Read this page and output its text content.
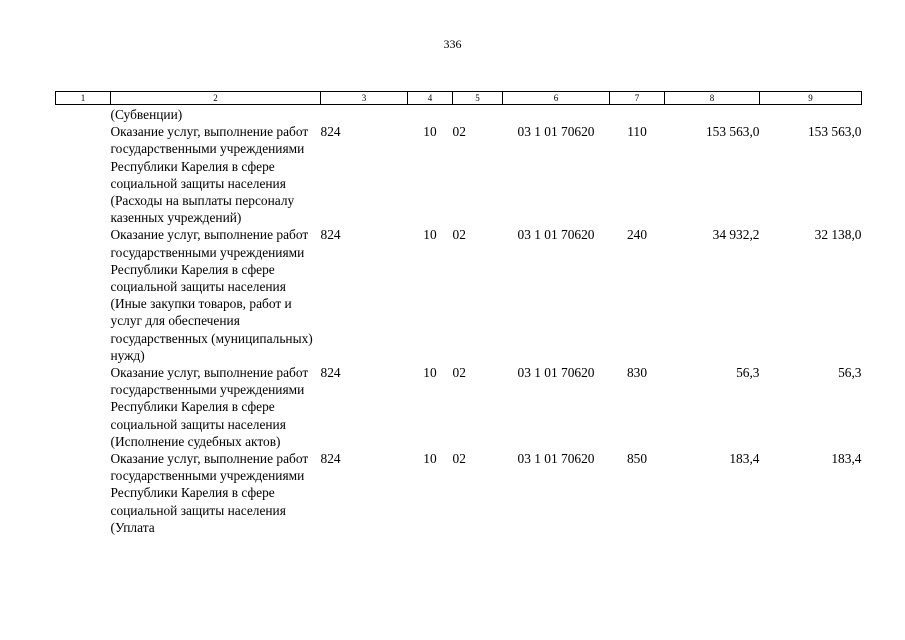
336
1	2	3	4	5	6	7	8	9
	(Субвенции)							
	Оказание услуг, выполнение работ государственными учреждениями Республики Карелия в сфере социальной защиты населения (Расходы на выплаты персоналу казенных учреждений)	824	10	02	03 1 01 70620	110	153 563,0	153 563,0
	Оказание услуг, выполнение работ государственными учреждениями Республики Карелия в сфере социальной защиты населения (Иные закупки товаров, работ и услуг для обеспечения государственных (муниципальных) нужд)	824	10	02	03 1 01 70620	240	34 932,2	32 138,0
	Оказание услуг, выполнение работ государственными учреждениями Республики Карелия в сфере социальной защиты населения (Исполнение судебных актов)	824	10	02	03 1 01 70620	830	56,3	56,3
	Оказание услуг, выполнение работ государственными учреждениями Республики Карелия в сфере социальной защиты населения (Уплата	824	10	02	03 1 01 70620	850	183,4	183,4
